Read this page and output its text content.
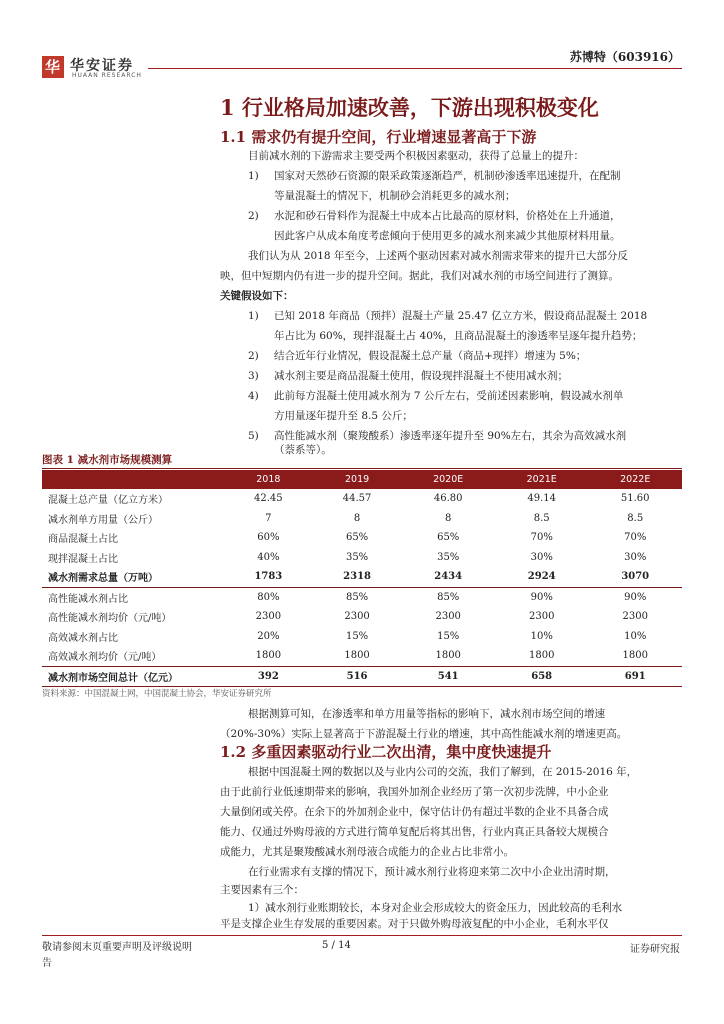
华 华安证券
HUAAN RESEARCH
苏博特（603916）
1 行业格局加速改善，下游出现积极变化
1.1 需求仍有提升空间，行业增速显著高于下游
目前减水剂的下游需求主要受两个积极因素驱动，获得了总量上的提升：
1) 国家对天然砂石资源的限采政策逐渐趋严，机制砂渗透率迅速提升，在配制
等量混凝土的情况下，机制砂会消耗更多的减水剂；
2) 水泥和砂石骨料作为混凝土中成本占比最高的原材料，价格处在上升通道，
因此客户从成本角度考虑倾向于使用更多的减水剂来减少其他原材料用量。
我们认为从 2018 年至今，上述两个驱动因素对减水剂需求带来的提升已大部分反
映，但中短期内仍有进一步的提升空间。据此，我们对减水剂的市场空间进行了测算。
关键假设如下：
1) 已知 2018 年商品（预拌）混凝土产量 25.47 亿立方米，假设商品混凝土 2018
年占比为 60%，现拌混凝土占 40%，且商品混凝土的渗透率呈逐年提升趋势；
2) 结合近年行业情况，假设混凝土总产量（商品+现拌）增速为 5%；
3) 减水剂主要是商品混凝土使用，假设现拌混凝土不使用减水剂；
4) 此前每方混凝土使用减水剂为 7 公斤左右，受前述因素影响，假设减水剂单
方用量逐年提升至 8.5 公斤；
5) 高性能减水剂（聚羧酸系）渗透率逐年提升至 90%左右，其余为高效减水剂
（萘系等）。
图表 1 减水剂市场规模测算
	2018	2019	2020E	2021E	2022E
混凝土总产量（亿立方米）	42.45	44.57	46.80	49.14	51.60
减水剂单方用量（公斤）	7	8	8	8.5	8.5
商品混凝土占比	60%	65%	65%	70%	70%
现拌混凝土占比	40%	35%	35%	30%	30%
减水剂需求总量（万吨）	1783	2318	2434	2924	3070
高性能减水剂占比	80%	85%	85%	90%	90%
高性能减水剂均价（元/吨）	2300	2300	2300	2300	2300
高效减水剂占比	20%	15%	15%	10%	10%
高效减水剂均价（元/吨）	1800	1800	1800	1800	1800
减水剂市场空间总计（亿元）	392	516	541	658	691
资料来源：中国混凝土网，中国混凝土协会，华安证券研究所
根据测算可知，在渗透率和单方用量等指标的影响下，减水剂市场空间的增速
（20%-30%）实际上显著高于下游混凝土行业的增速，其中高性能减水剂的增速更高。
1.2 多重因素驱动行业二次出清，集中度快速提升
根据中国混凝土网的数据以及与业内公司的交流，我们了解到，在 2015-2016 年，
由于此前行业低速期带来的影响，我国外加剂企业经历了第一次初步洗牌，中小企业
大量倒闭或关停。在余下的外加剂企业中，保守估计仍有超过半数的企业不具备合成
能力、仅通过外购母液的方式进行简单复配后将其出售，行业内真正具备较大规模合
成能力，尤其是聚羧酸减水剂母液合成能力的企业占比非常小。
在行业需求有支撑的情况下，预计减水剂行业将迎来第二次中小企业出清时期，
主要因素有三个：
1）减水剂行业账期较长，本身对企业会形成较大的资金压力，因此较高的毛利水
平是支撑企业生存发展的重要因素。对于只做外购母液复配的中小企业，毛利水平仅
敬请参阅末页重要声明及评级说明
告
5 / 14	证券研究报
